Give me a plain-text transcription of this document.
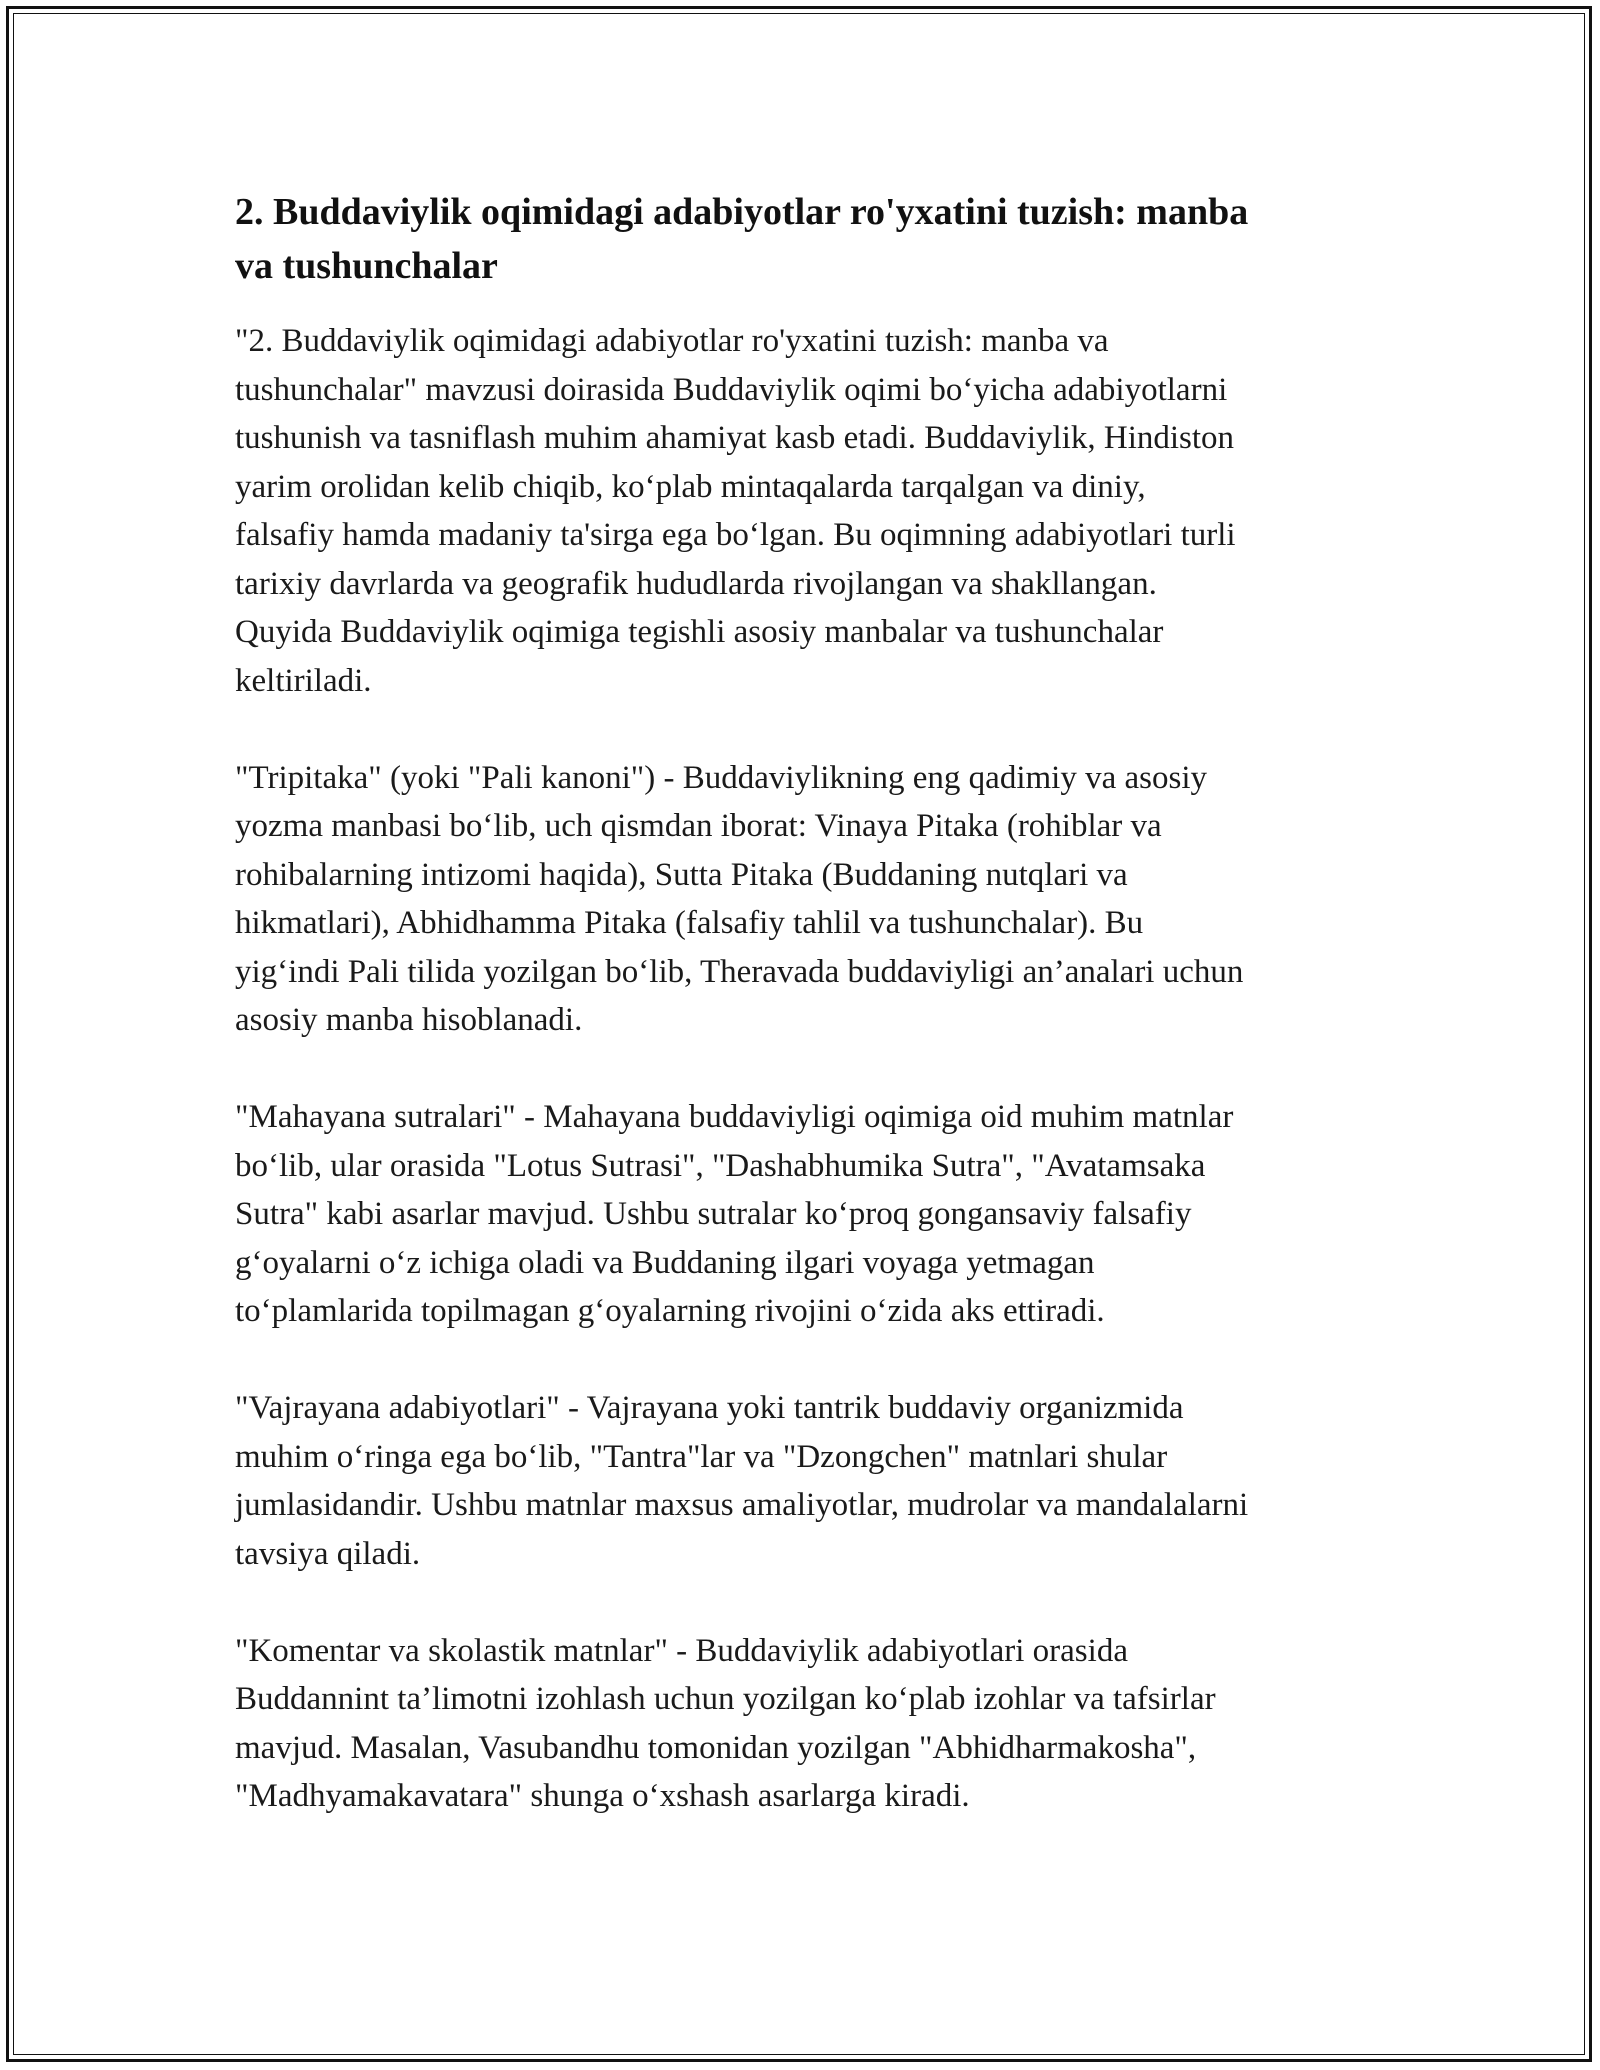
2. Buddaviylik oqimidagi adabiyotlar ro'yxatini tuzish: manba
va tushunchalar

"2. Buddaviylik oqimidagi adabiyotlar ro'yxatini tuzish: manba va
tushunchalar" mavzusi doirasida Buddaviylik oqimi bo‘yicha adabiyotlarni
tushunish va tasniflash muhim ahamiyat kasb etadi. Buddaviylik, Hindiston
yarim orolidan kelib chiqib, ko‘plab mintaqalarda tarqalgan va diniy,
falsafiy hamda madaniy ta'sirga ega bo‘lgan. Bu oqimning adabiyotlari turli
tarixiy davrlarda va geografik hududlarda rivojlangan va shakllangan.
Quyida Buddaviylik oqimiga tegishli asosiy manbalar va tushunchalar
keltiriladi.

"Tripitaka" (yoki "Pali kanoni") - Buddaviylikning eng qadimiy va asosiy
yozma manbasi bo‘lib, uch qismdan iborat: Vinaya Pitaka (rohiblar va
rohibalarning intizomi haqida), Sutta Pitaka (Buddaning nutqlari va
hikmatlari), Abhidhamma Pitaka (falsafiy tahlil va tushunchalar). Bu
yig‘indi Pali tilida yozilgan bo‘lib, Theravada buddaviyligi an’analari uchun
asosiy manba hisoblanadi.

"Mahayana sutralari" - Mahayana buddaviyligi oqimiga oid muhim matnlar
bo‘lib, ular orasida "Lotus Sutrasi", "Dashabhumika Sutra", "Avatamsaka
Sutra" kabi asarlar mavjud. Ushbu sutralar ko‘proq gongansaviy falsafiy
g‘oyalarni o‘z ichiga oladi va Buddaning ilgari voyaga yetmagan
to‘plamlarida topilmagan g‘oyalarning rivojini o‘zida aks ettiradi.

"Vajrayana adabiyotlari" - Vajrayana yoki tantrik buddaviy organizmida
muhim o‘ringa ega bo‘lib, "Tantra"lar va "Dzongchen" matnlari shular
jumlasidandir. Ushbu matnlar maxsus amaliyotlar, mudrolar va mandalalarni
tavsiya qiladi.

"Komentar va skolastik matnlar" - Buddaviylik adabiyotlari orasida
Buddannint ta’limotni izohlash uchun yozilgan ko‘plab izohlar va tafsirlar
mavjud. Masalan, Vasubandhu tomonidan yozilgan "Abhidharmakosha",
"Madhyamakavatara" shunga o‘xshash asarlarga kiradi.
